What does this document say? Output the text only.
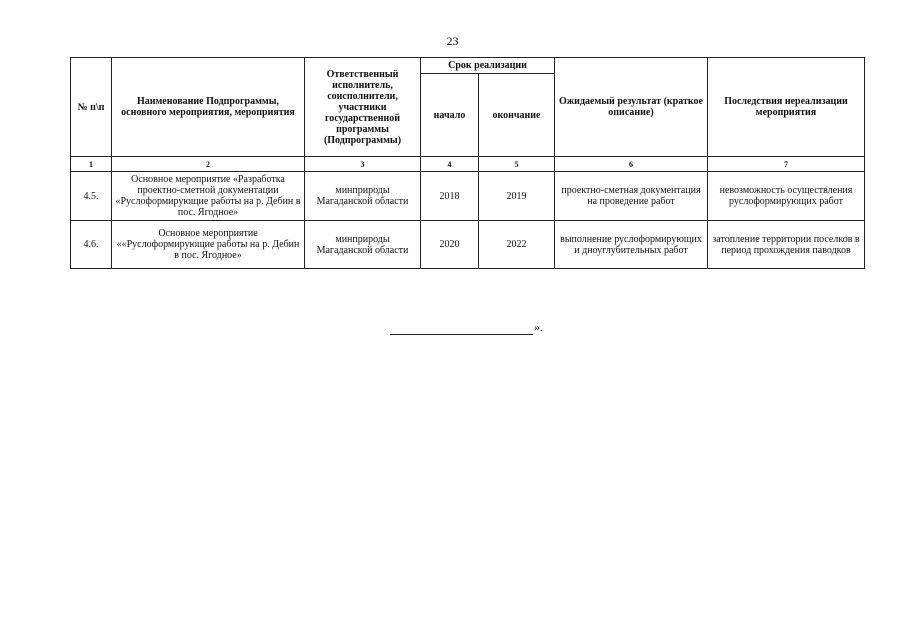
23
№ п\п	Наименование Подпрограммы, основного мероприятия, мероприятия	Ответственный исполнитель, соисполнители, участники государственной программы (Подпрограммы)	Срок реализации		Ожидаемый результат (краткое описание)	Последствия нереализации мероприятия
			начало	окончание		
1	2	3	4	5	6	7
4.5.	Основное мероприятие «Разработка проектно-сметной документации «Руслоформирующие работы на р. Дебин в пос. Ягодное»	минприроды Магаданской области	2018	2019	проектно-сметная документация на проведение работ	невозможность осуществления руслоформирующих работ
4.6.	Основное мероприятие ««Руслоформирующие работы на р. Дебин в пос. Ягодное»	минприроды Магаданской области	2020	2022	выполнение руслоформирующих и дноуглубительных работ	затопление территории поселков в период прохождения паводков
».
